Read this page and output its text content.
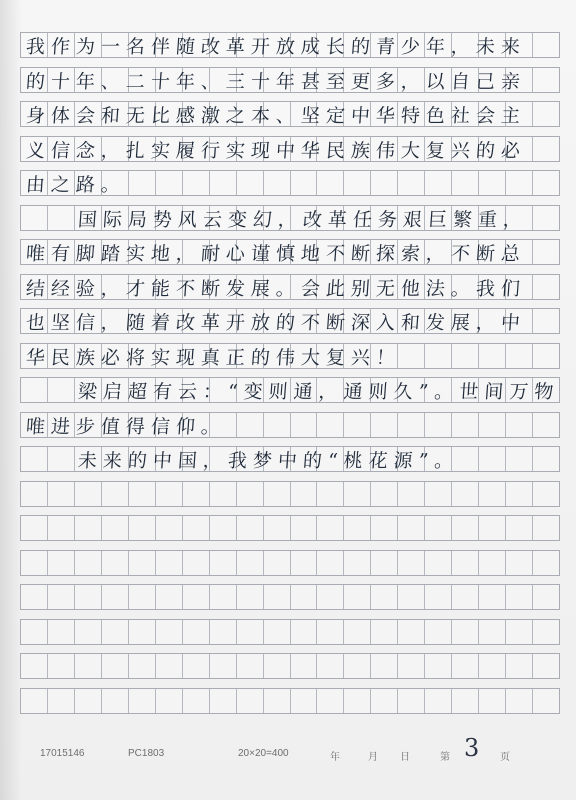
我作为一名伴随改革开放成长的青少年，未来
的十年、二十年、三十年甚至更多，以自己亲
身体会和无比感激之本、坚定中华特色社会主
义信念，扎实履行实现中华民族伟大复兴的必
由之路。
国际局势风云变幻，改革任务艰巨繁重，
唯有脚踏实地，耐心谨慎地不断探索，不断总
结经验，才能不断发展。会此别无他法。我们
也坚信，随着改革开放的不断深入和发展，中
华民族必将实现真正的伟大复兴！
梁启超有云：“变则通，通则久”。世间万物
唯进步值得信仰。
未来的中国，我梦中的“桃花源”。
17015146	PC1803	20×20=400	年	月 日	第	页
3
